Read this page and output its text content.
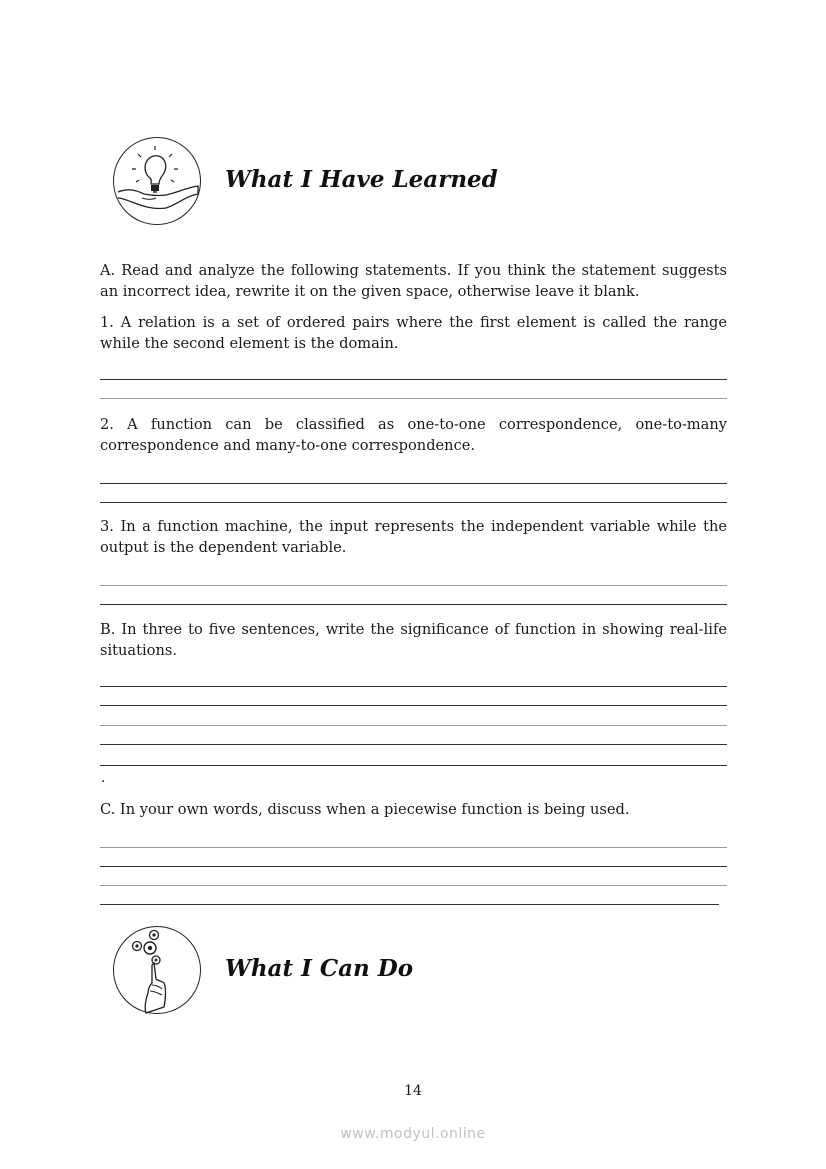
What I Have Learned

A. Read and analyze the following statements. If you think the statement suggests an incorrect idea, rewrite it on the given space, otherwise leave it blank.

1. A relation is a set of ordered pairs where the first element is called the range while the second element is the domain.

2. A function can be classified as one-to-one correspondence, one-to-many correspondence and many-to-one correspondence.

3. In a function machine, the input represents the independent variable while the output is the dependent variable.

B. In three to five sentences, write the significance of function in showing real-life situations.

.

C. In your own words, discuss when a piecewise function is being used.

What I Can Do
14
www.modyul.online
